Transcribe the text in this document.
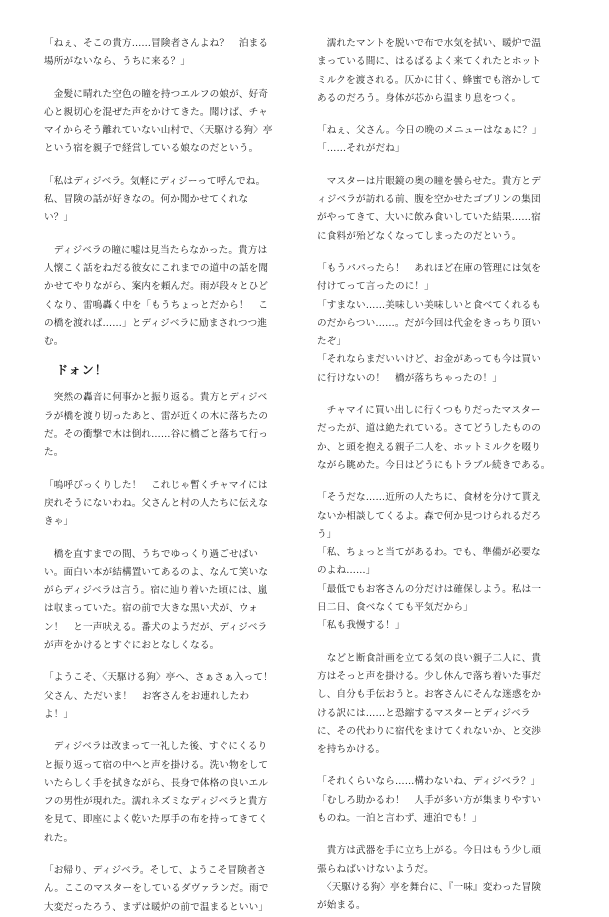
「ねぇ、そこの貴方……冒険者さんよね？　泊まる
場所がないなら、うちに来る？」

　金髪に晴れた空色の瞳を持つエルフの娘が、好奇
心と親切心を混ぜた声をかけてきた。聞けば、チャ
マイからそう離れていない山村で、〈天駆ける狗〉亭
という宿を親子で経営している娘なのだという。

「私はディジベラ。気軽にディジーって呼んでね。
私、冒険の話が好きなの。何か聞かせてくれな
い？」

　ディジベラの瞳に嘘は見当たらなかった。貴方は
人懐こく話をねだる彼女にこれまでの道中の話を聞
かせてやりながら、案内を頼んだ。雨が段々とひど
くなり、雷鳴轟く中を「もうちょっとだから！　こ
の橋を渡れば……」とディジベラに励まされつつ進
む。

ドォン！

　突然の轟音に何事かと振り返る。貴方とディジベ
ラが橋を渡り切ったあと、雷が近くの木に落ちたの
だ。その衝撃で木は倒れ……谷に橋ごと落ちて行っ
た。

「嗚呼びっくりした！　これじゃ暫くチャマイには
戻れそうにないわね。父さんと村の人たちに伝えな
きゃ」

　橋を直すまでの間、うちでゆっくり過ごせばい
い。面白い本が結構置いてあるのよ、なんて笑いな
がらディジベラは言う。宿に辿り着いた頃には、嵐
は収まっていた。宿の前で大きな黒い犬が、ウォ
ン！　と一声吠える。番犬のようだが、ディジベラ
が声をかけるとすぐにおとなしくなる。

「ようこそ、〈天駆ける狗〉亭へ、さぁさぁ入って！
父さん、ただいま！　お客さんをお連れしたわ
よ！」

　ディジベラは改まって一礼した後、すぐにくるり
と振り返って宿の中へと声を掛ける。洗い物をして
いたらしく手を拭きながら、長身で体格の良いエル
フの男性が現れた。濡れネズミなディジベラと貴方
を見て、即座によく乾いた厚手の布を持ってきてく
れた。

「お帰り、ディジベラ。そして、ようこそ冒険者さ
ん。ここのマスターをしているダヴァランだ。雨で
大変だったろう、まずは暖炉の前で温まるといい」

　濡れたマントを脱いで布で水気を拭い、暖炉で温
まっている間に、はるばるよく来てくれたとホット
ミルクを渡される。仄かに甘く、蜂蜜でも溶かして
あるのだろう。身体が芯から温まり息をつく。

「ねぇ、父さん。今日の晩のメニューはなぁに？」
「……それがだね」

　マスターは片眼鏡の奥の瞳を曇らせた。貴方とデ
ィジベラが訪れる前、腹を空かせたゴブリンの集団
がやってきて、大いに飲み食いしていた結果……宿
に食料が殆どなくなってしまったのだという。

「もうパパったら！　あれほど在庫の管理には気を
付けてって言ったのに！」
「すまない……美味しい美味しいと食べてくれるも
のだからつい……。だが今回は代金をきっちり頂い
たぞ」
「それならまだいいけど、お金があっても今は買い
に行けないの！　橋が落ちちゃったの！」

　チャマイに買い出しに行くつもりだったマスター
だったが、道は絶たれている。さてどうしたものの
か、と頭を抱える親子二人を、ホットミルクを啜り
ながら眺めた。今日はどうにもトラブル続きである。

「そうだな……近所の人たちに、食材を分けて貰え
ないか相談してくるよ。森で何か見つけられるだろ
う」
「私、ちょっと当てがあるわ。でも、準備が必要な
のよね……」
「最低でもお客さんの分だけは確保しよう。私は一
日二日、食べなくても平気だから」
「私も我慢する！」

　などと断食計画を立てる気の良い親子二人に、貴
方はそっと声を掛ける。少し休んで落ち着いた事だ
し、自分も手伝おうと。お客さんにそんな迷惑をか
ける訳には……と恐縮するマスターとディジベラ
に、その代わりに宿代をまけてくれないか、と交渉
を持ちかける。

「それくらいなら……構わないね、ディジベラ？」
「むしろ助かるわ！　人手が多い方が集まりやすい
ものね。一泊と言わず、連泊でも！」

　貴方は武器を手に立ち上がる。今日はもう少し頑
張らねばいけないようだ。
　〈天駆ける狗〉亭を舞台に、『一味』変わった冒険
が始まる。
